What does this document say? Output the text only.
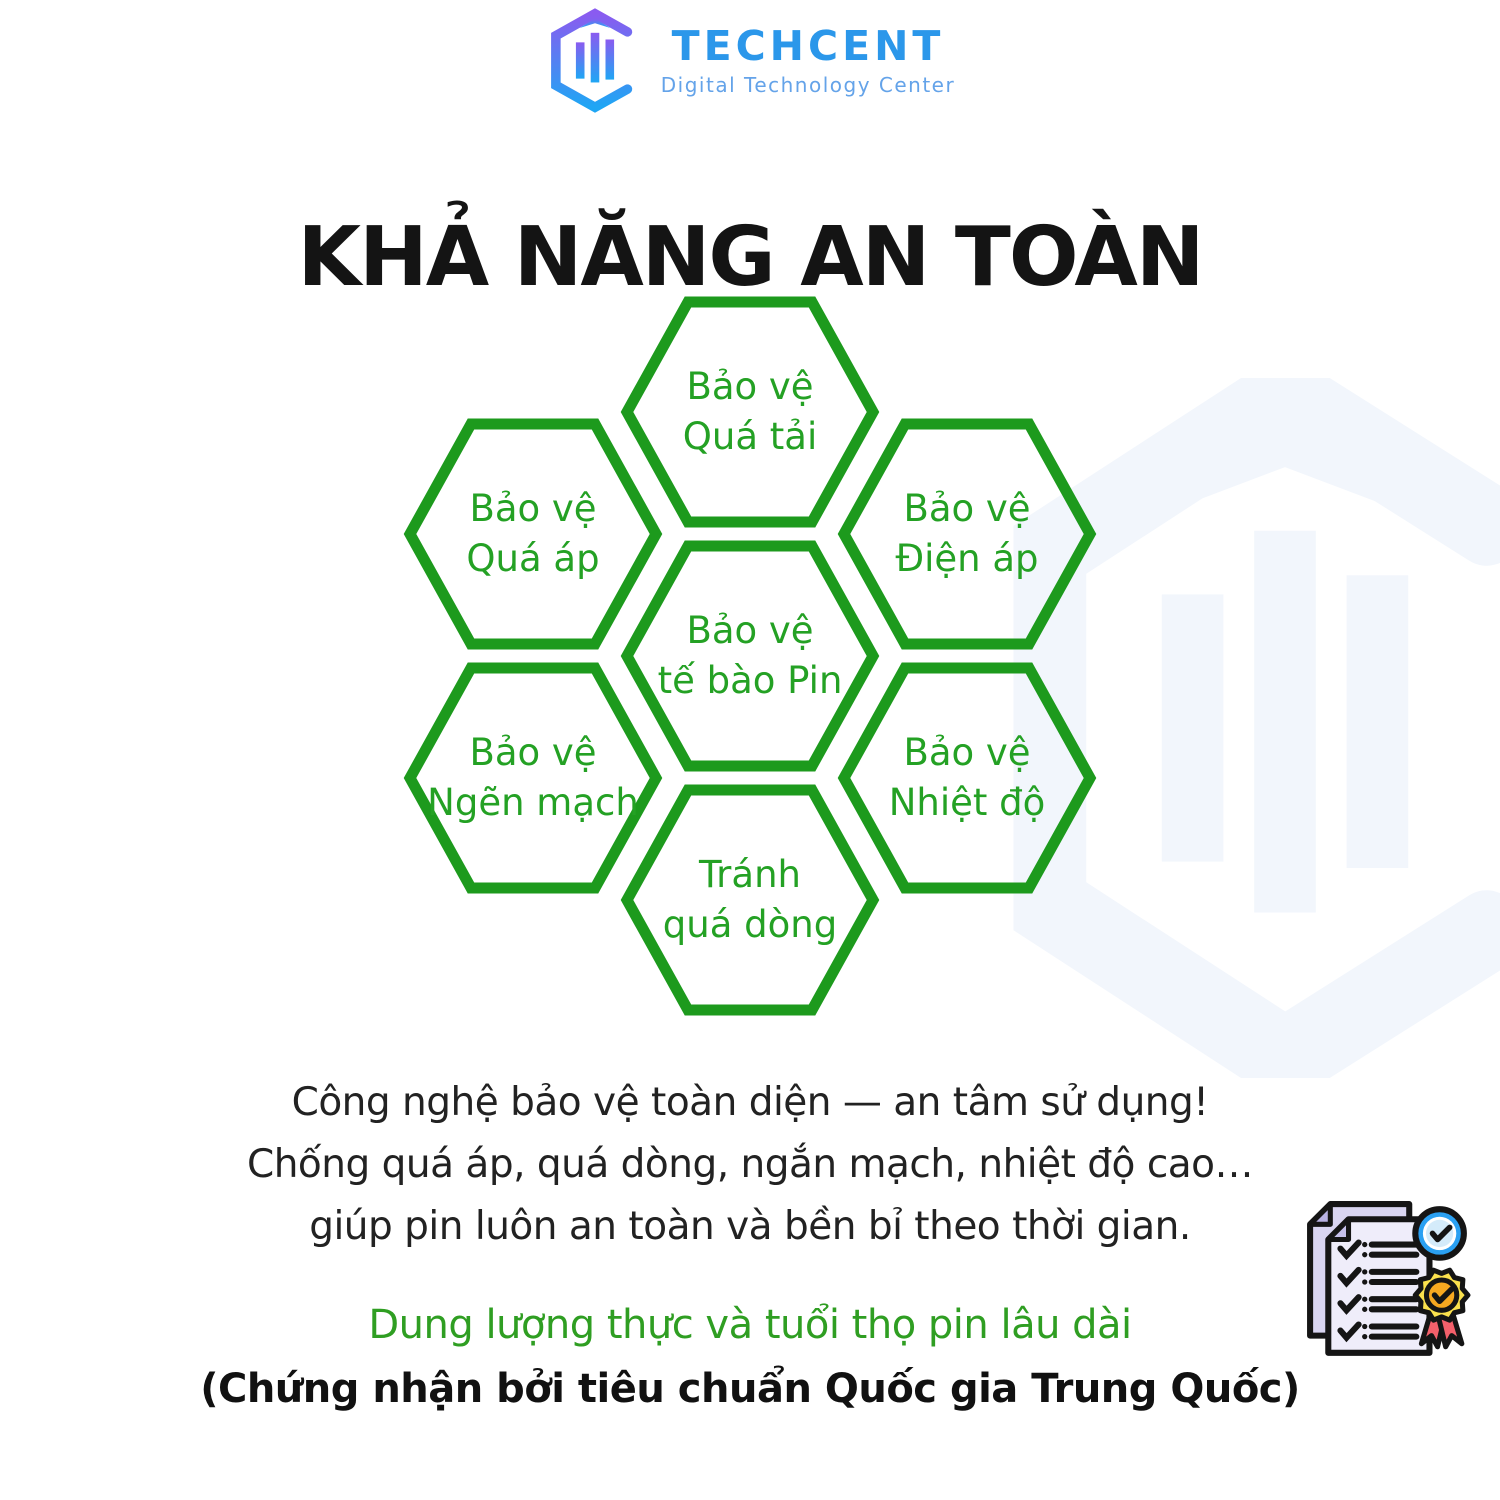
TECHCENT
Digital Technology Center
KHẢ NĂNG AN TOÀN
Bảo vệ
Quá tải
Bảo vệ
Quá áp
Bảo vệ
Điện áp
Bảo vệ
tế bào Pin
Bảo vệ
Ngẽn mạch
Bảo vệ
Nhiệt độ
Tránh
quá dòng
Công nghệ bảo vệ toàn diện — an tâm sử dụng!
Chống quá áp, quá dòng, ngắn mạch, nhiệt độ cao…
giúp pin luôn an toàn và bền bỉ theo thời gian.
Dung lượng thực và tuổi thọ pin lâu dài
(Chứng nhận bởi tiêu chuẩn Quốc gia Trung Quốc)
